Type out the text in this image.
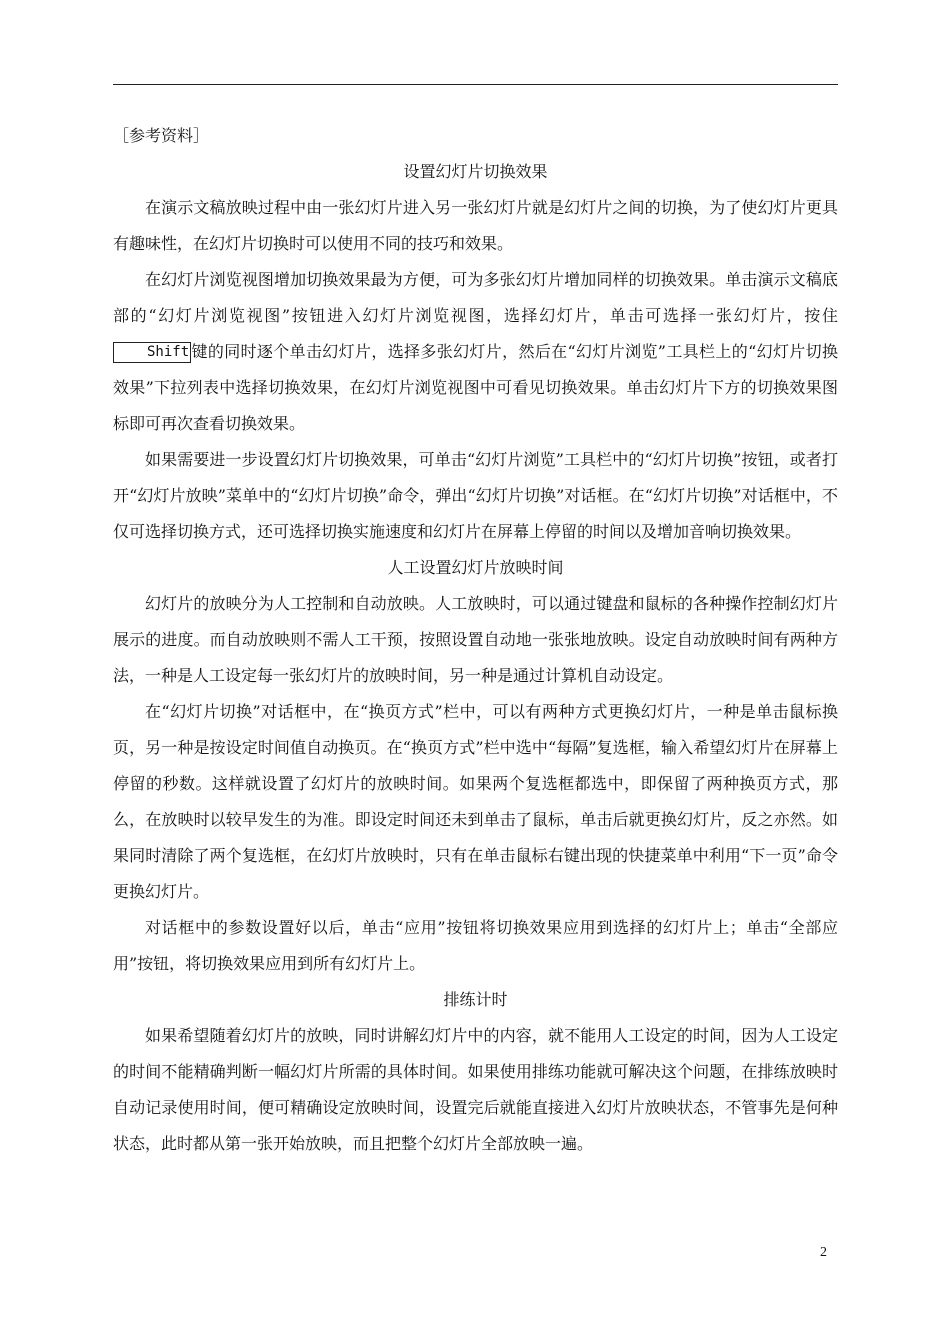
［参考资料］
设置幻灯片切换效果

在演示文稿放映过程中由一张幻灯片进入另一张幻灯片就是幻灯片之间的切换，为了使幻灯片更具有趣味性，在幻灯片切换时可以使用不同的技巧和效果。

在幻灯片浏览视图增加切换效果最为方便，可为多张幻灯片增加同样的切换效果。单击演示文稿底部的“幻灯片浏览视图”按钮进入幻灯片浏览视图，选择幻灯片，单击可选择一张幻灯片，按住Shift 键的同时逐个单击幻灯片，选择多张幻灯片，然后在“幻灯片浏览”工具栏上的“幻灯片切换效果”下拉列表中选择切换效果，在幻灯片浏览视图中可看见切换效果。单击幻灯片下方的切换效果图标即可再次查看切换效果。

如果需要进一步设置幻灯片切换效果，可单击“幻灯片浏览”工具栏中的“幻灯片切换”按钮，或者打开“幻灯片放映”菜单中的“幻灯片切换”命令，弹出“幻灯片切换”对话框。在“幻灯片切换”对话框中，不仅可选择切换方式，还可选择切换实施速度和幻灯片在屏幕上停留的时间以及增加音响切换效果。

人工设置幻灯片放映时间

幻灯片的放映分为人工控制和自动放映。人工放映时，可以通过键盘和鼠标的各种操作控制幻灯片展示的进度。而自动放映则不需人工干预，按照设置自动地一张张地放映。设定自动放映时间有两种方法，一种是人工设定每一张幻灯片的放映时间，另一种是通过计算机自动设定。

在“幻灯片切换”对话框中，在“换页方式”栏中，可以有两种方式更换幻灯片，一种是单击鼠标换页，另一种是按设定时间值自动换页。在“换页方式”栏中选中“每隔”复选框，输入希望幻灯片在屏幕上停留的秒数。这样就设置了幻灯片的放映时间。如果两个复选框都选中，即保留了两种换页方式，那么，在放映时以较早发生的为准。即设定时间还未到单击了鼠标，单击后就更换幻灯片，反之亦然。如果同时清除了两个复选框，在幻灯片放映时，只有在单击鼠标右键出现的快捷菜单中利用“下一页”命令更换幻灯片。

对话框中的参数设置好以后，单击“应用”按钮将切换效果应用到选择的幻灯片上；单击“全部应用”按钮，将切换效果应用到所有幻灯片上。

排练计时

如果希望随着幻灯片的放映，同时讲解幻灯片中的内容，就不能用人工设定的时间，因为人工设定的时间不能精确判断一幅幻灯片所需的具体时间。如果使用排练功能就可解决这个问题，在排练放映时自动记录使用时间，便可精确设定放映时间，设置完后就能直接进入幻灯片放映状态，不管事先是何种状态，此时都从第一张开始放映，而且把整个幻灯片全部放映一遍。

2
